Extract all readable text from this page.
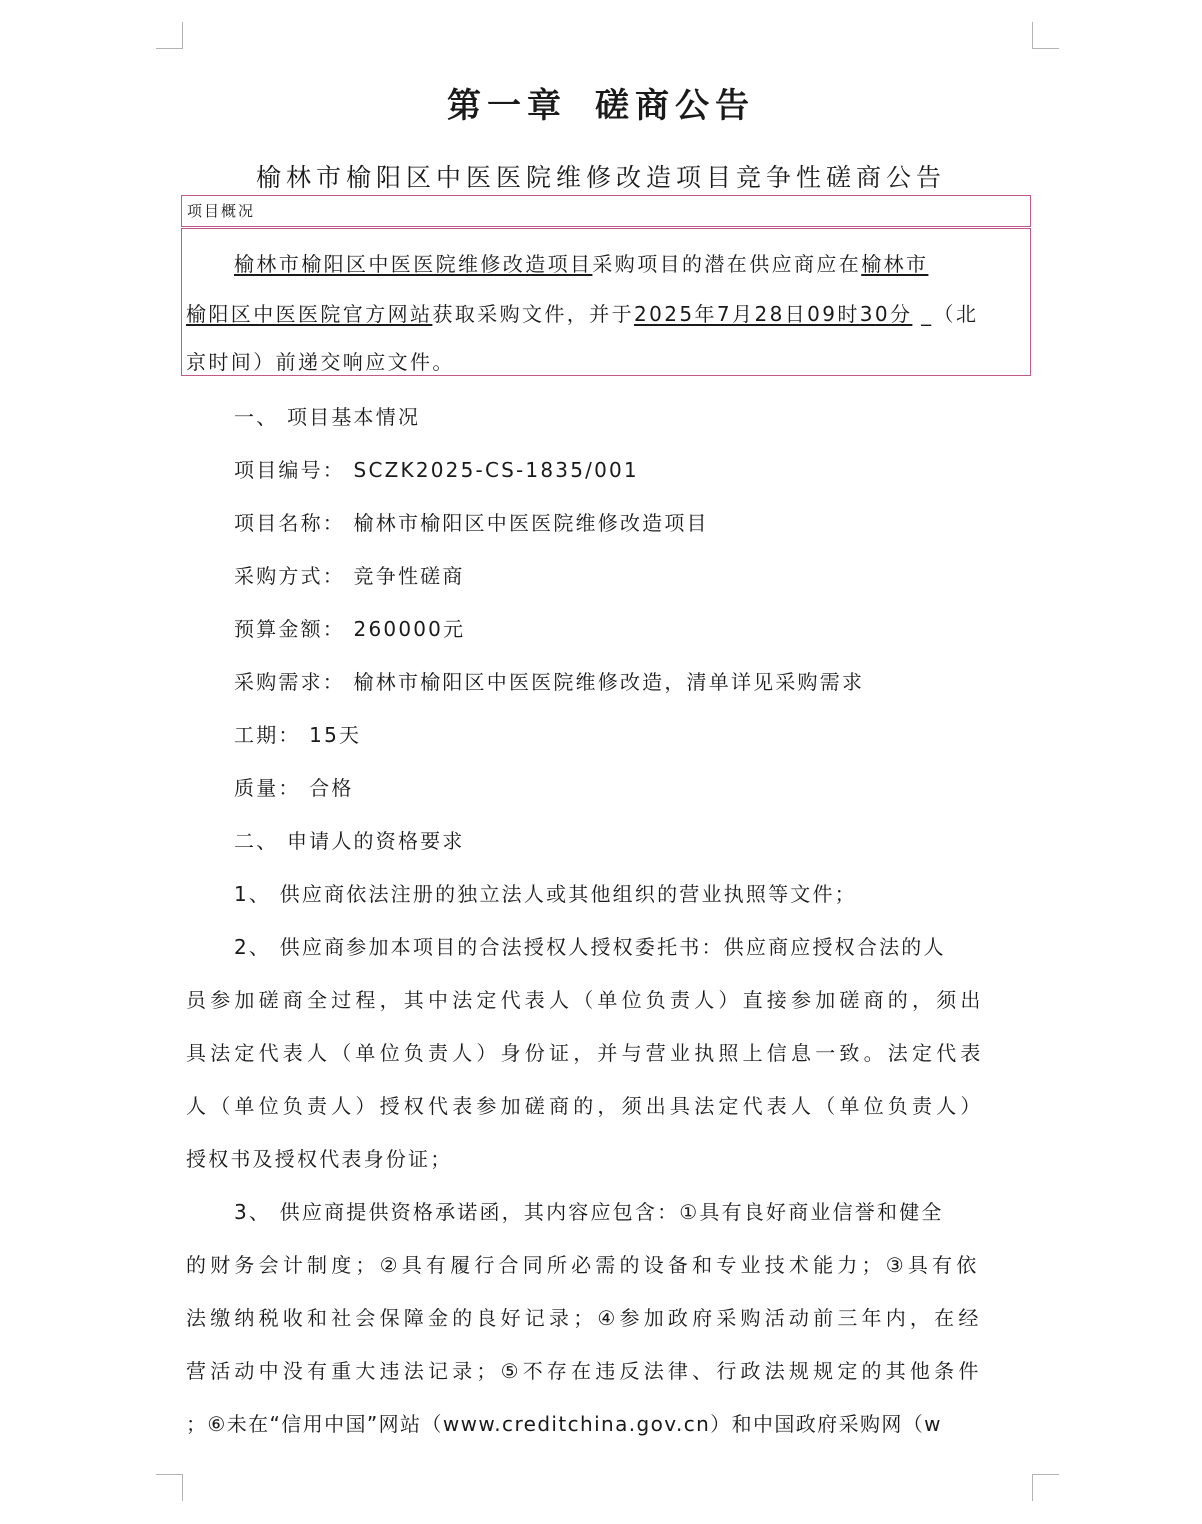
第一章 磋商公告
榆林市榆阳区中医医院维修改造项目竞争性磋商公告
项目概况
榆林市榆阳区中医医院维修改造项目采购项目的潜在供应商应在榆林市
榆阳区中医医院官方网站获取采购文件，并于2025年7月28日09时30分 _（北
京时间）前递交响应文件。
一、 项目基本情况
项目编号： SCZK2025-CS-1835/001
项目名称： 榆林市榆阳区中医医院维修改造项目
采购方式： 竞争性磋商
预算金额： 260000元
采购需求： 榆林市榆阳区中医医院维修改造，清单详见采购需求
工期： 15天
质量： 合格
二、 申请人的资格要求
1、 供应商依法注册的独立法人或其他组织的营业执照等文件；
2、 供应商参加本项目的合法授权人授权委托书：供应商应授权合法的人
员参加磋商全过程，其中法定代表人（单位负责人）直接参加磋商的，须出
具法定代表人（单位负责人）身份证，并与营业执照上信息一致。法定代表
人（单位负责人）授权代表参加磋商的，须出具法定代表人（单位负责人）
授权书及授权代表身份证；
3、 供应商提供资格承诺函，其内容应包含：①具有良好商业信誉和健全
的财务会计制度；②具有履行合同所必需的设备和专业技术能力；③具有依
法缴纳税收和社会保障金的良好记录；④参加政府采购活动前三年内，在经
营活动中没有重大违法记录；⑤不存在违反法律、行政法规规定的其他条件
；⑥未在“信用中国”网站（www.creditchina.gov.cn）和中国政府采购网（w
